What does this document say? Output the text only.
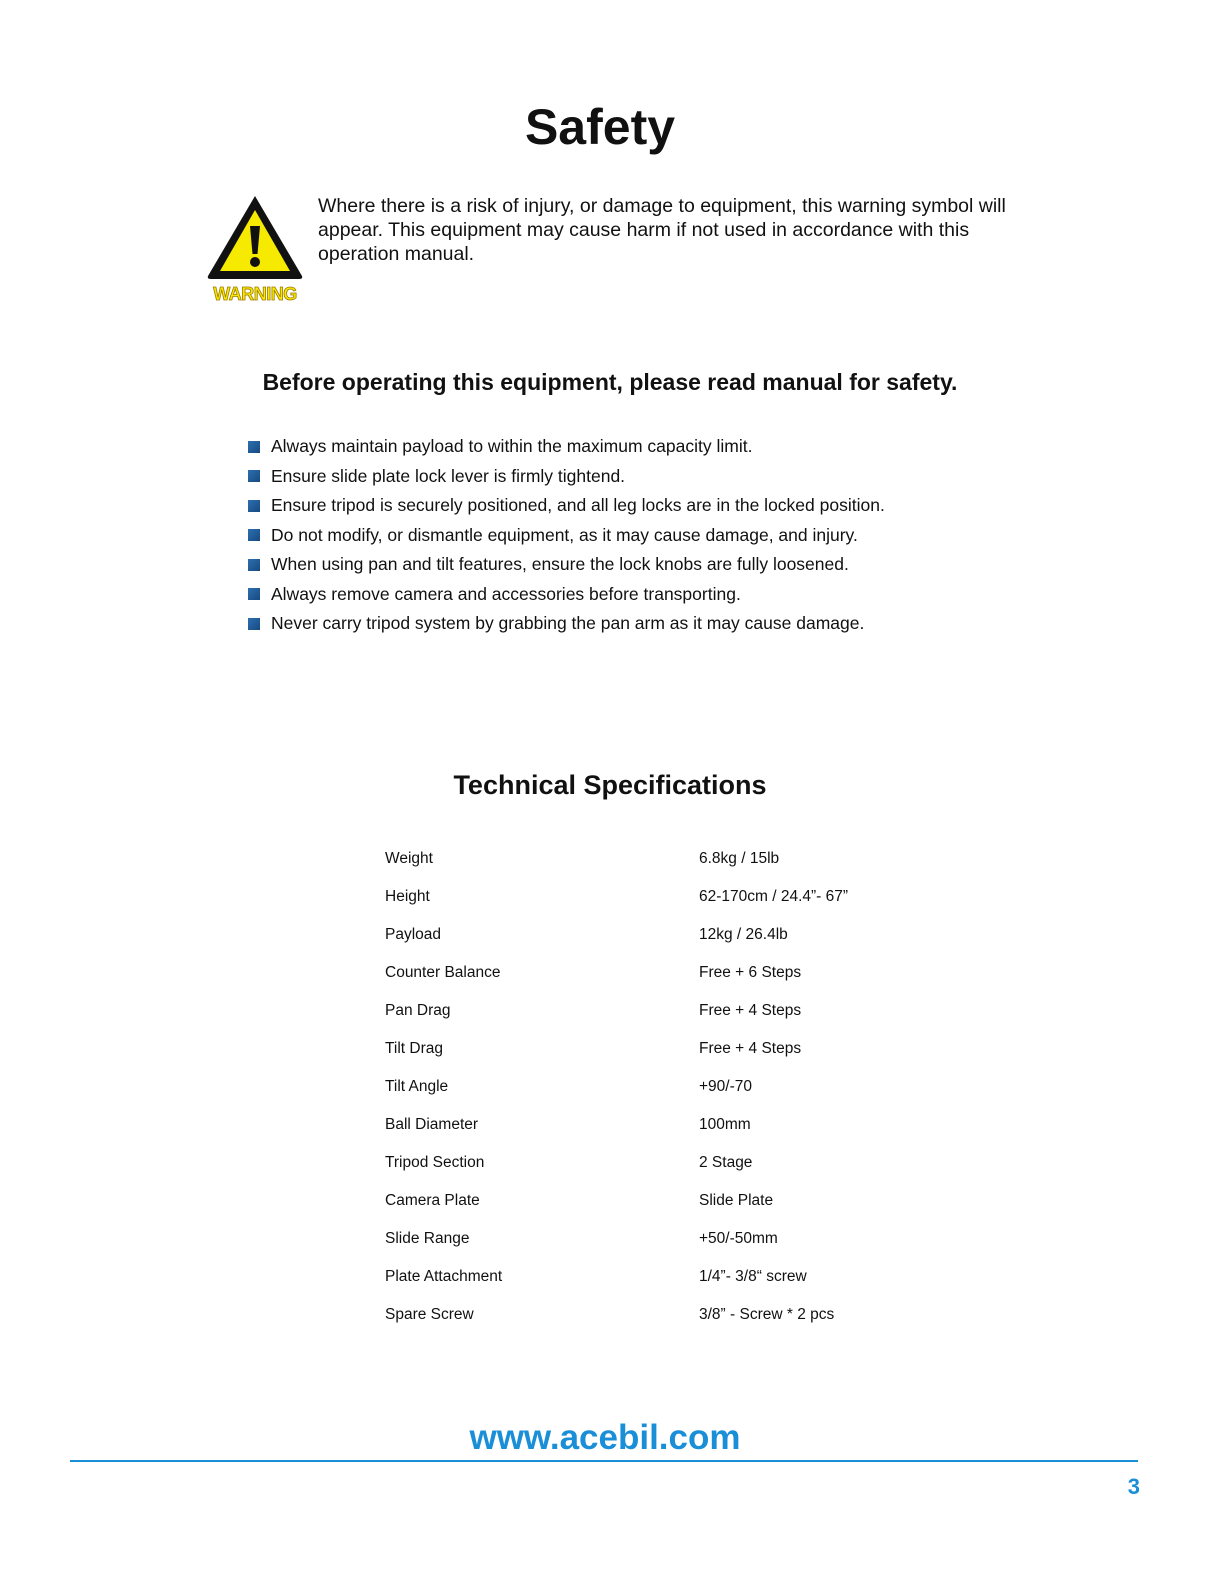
Safety
WARNING
Where there is a risk of injury, or damage to equipment, this warning symbol will appear. This equipment may cause harm if not used in accordance with this operation manual.
Before operating this equipment, please read manual for safety.
Always maintain payload to within the maximum capacity limit.
Ensure slide plate lock lever is firmly tightend.
Ensure tripod is securely positioned, and all leg locks are in the locked position.
Do not modify, or dismantle equipment, as it may cause damage, and injury.
When using pan and tilt features, ensure the lock knobs are fully loosened.
Always remove camera and accessories before transporting.
Never carry tripod system by grabbing the pan arm as it may cause damage.
Technical Specifications
Weight	6.8kg / 15lb
Height	62-170cm / 24.4”- 67”
Payload	12kg / 26.4lb
Counter Balance	Free + 6 Steps
Pan Drag	Free + 4 Steps
Tilt Drag	Free + 4 Steps
Tilt Angle	+90/-70
Ball Diameter	100mm
Tripod Section	2 Stage
Camera Plate	Slide Plate
Slide Range	+50/-50mm
Plate Attachment	1/4”- 3/8“ screw
Spare Screw	3/8” - Screw * 2 pcs
www.acebil.com
3
